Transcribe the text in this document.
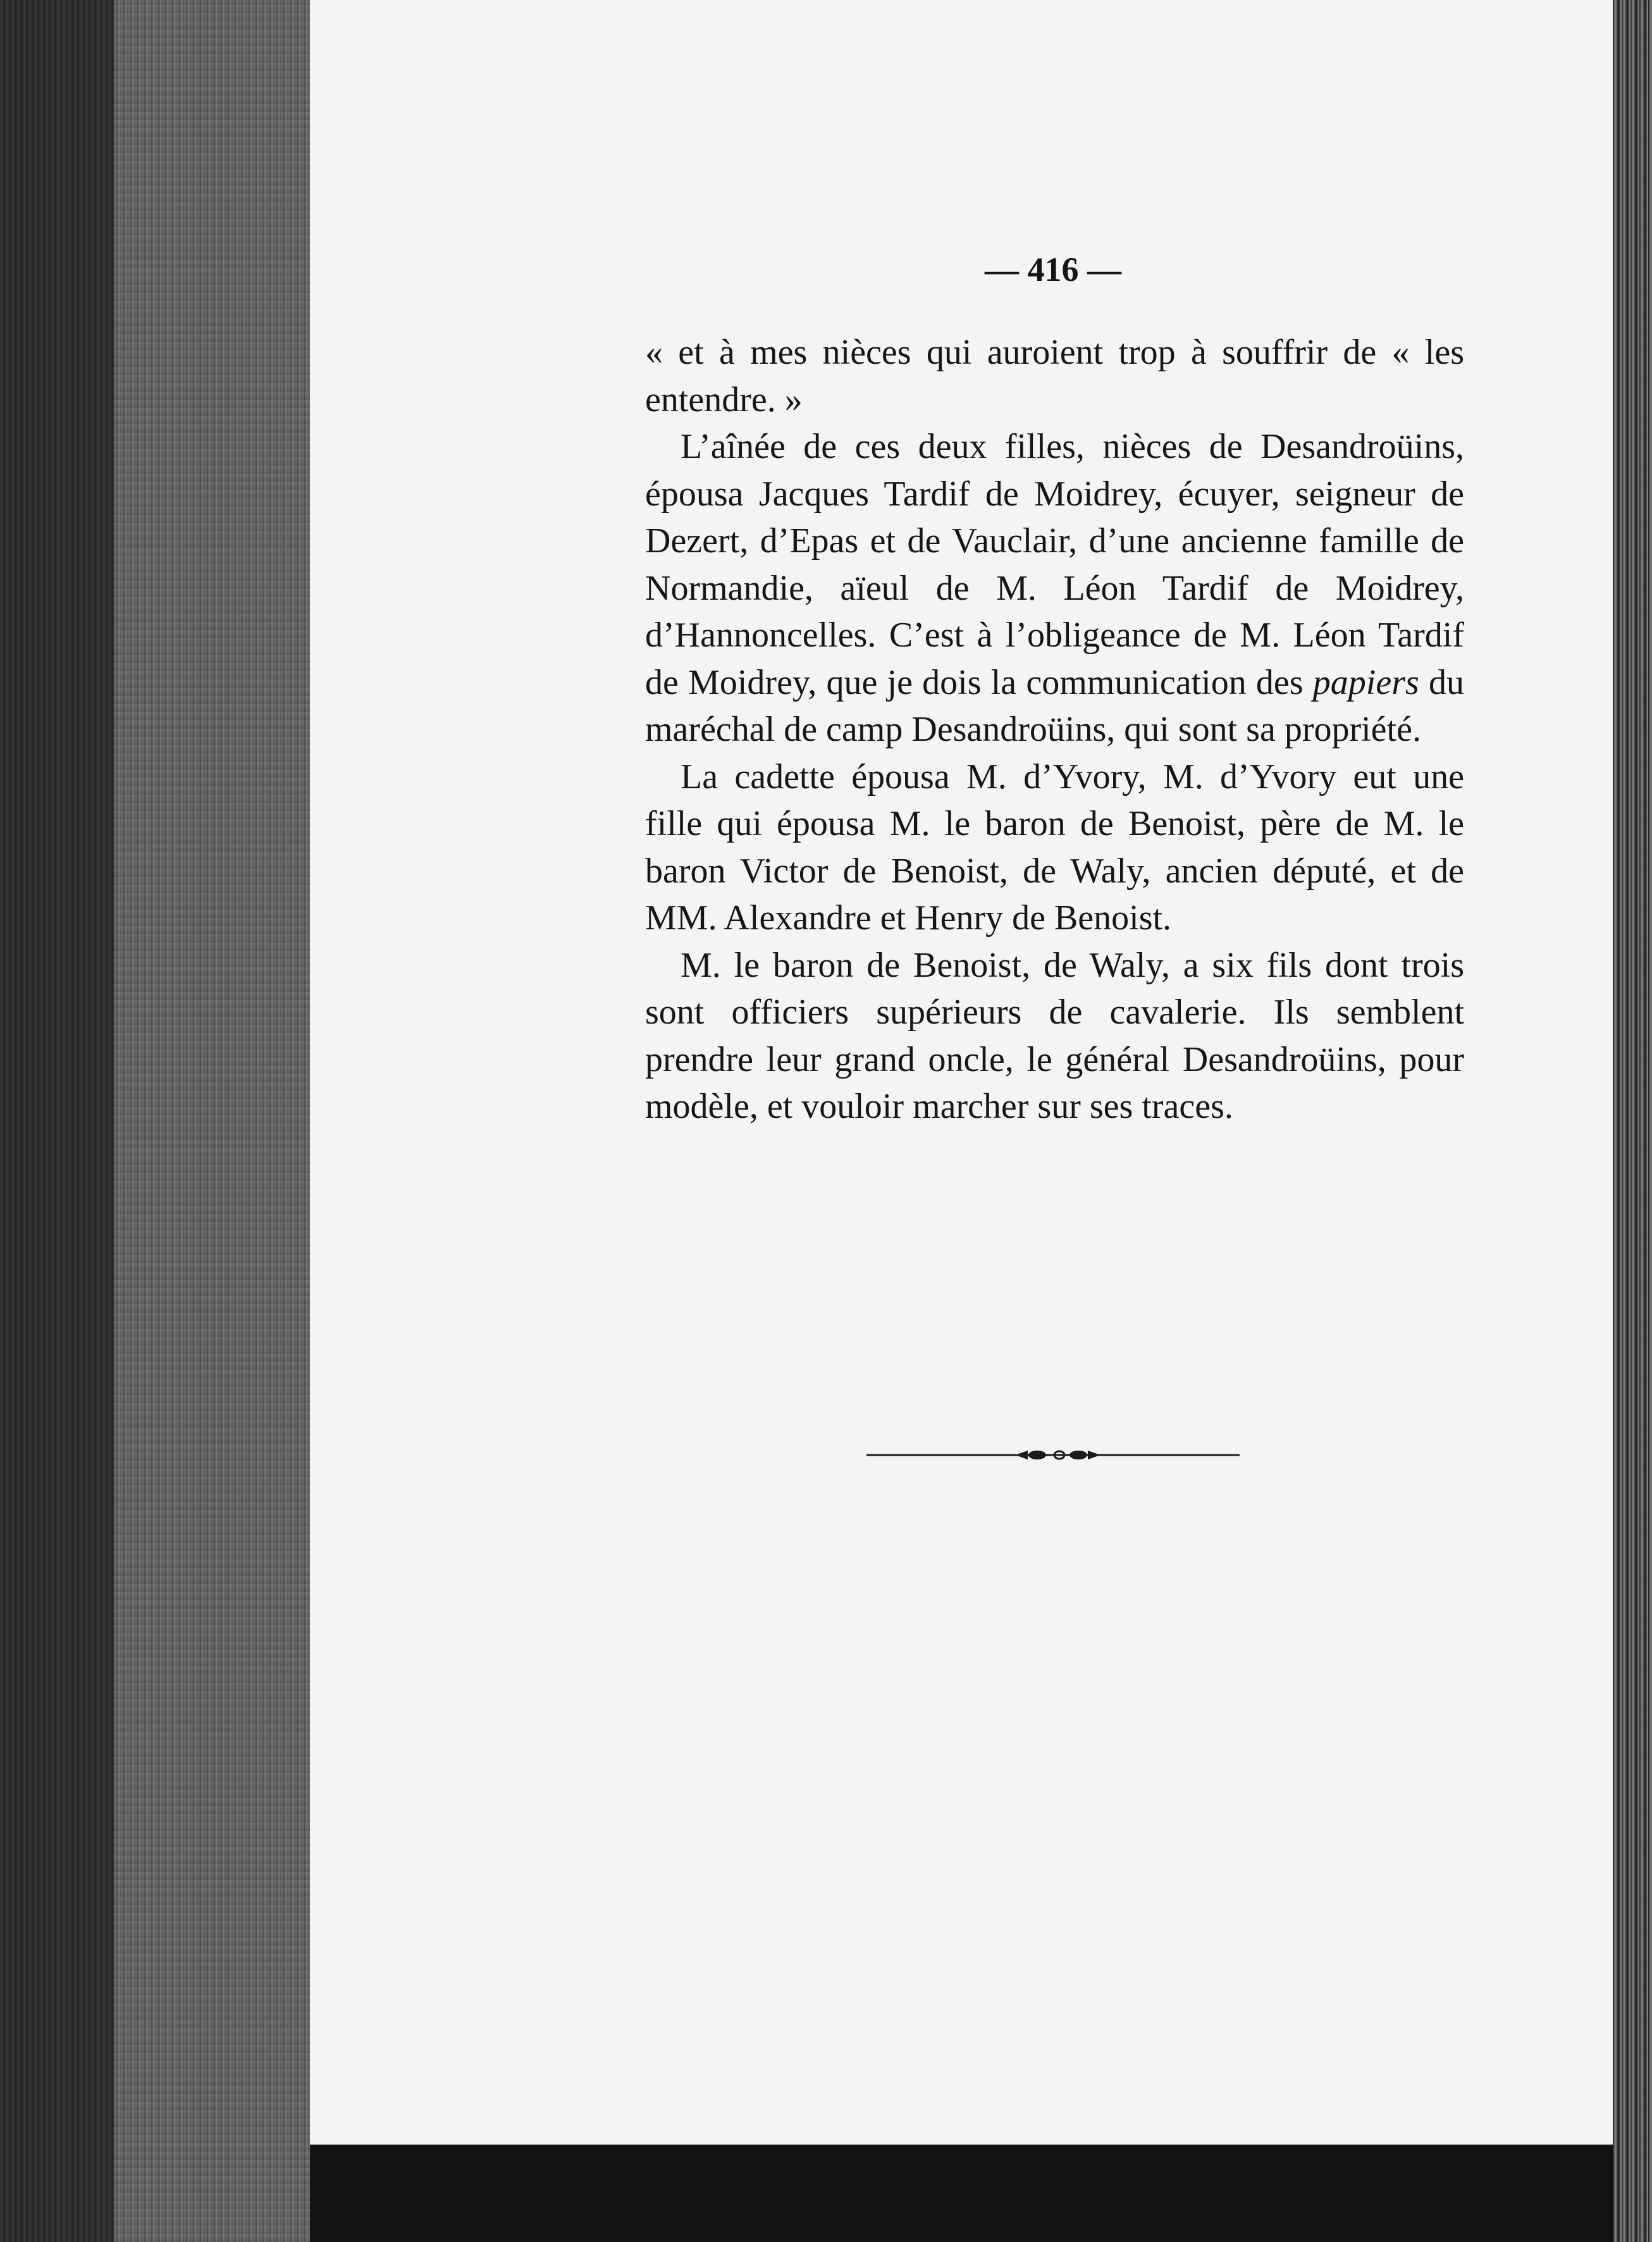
— 416 —

« et à mes nièces qui auroient trop à souffrir de « les entendre. »

L’aînée de ces deux filles, nièces de Desandroüins, épousa Jacques Tardif de Moidrey, écuyer, seigneur de Dezert, d’Epas et de Vauclair, d’une ancienne famille de Normandie, aïeul de M. Léon Tardif de Moidrey, d’Hannoncelles. C’est à l’obligeance de M. Léon Tardif de Moidrey, que je dois la communication des papiers du maréchal de camp Desandroüins, qui sont sa propriété.

La cadette épousa M. d’Yvory, M. d’Yvory eut une fille qui épousa M. le baron de Benoist, père de M. le baron Victor de Benoist, de Waly, ancien député, et de MM. Alexandre et Henry de Benoist.

M. le baron de Benoist, de Waly, a six fils dont trois sont officiers supérieurs de cavalerie. Ils semblent prendre leur grand oncle, le général Desandroüins, pour modèle, et vouloir marcher sur ses traces.
